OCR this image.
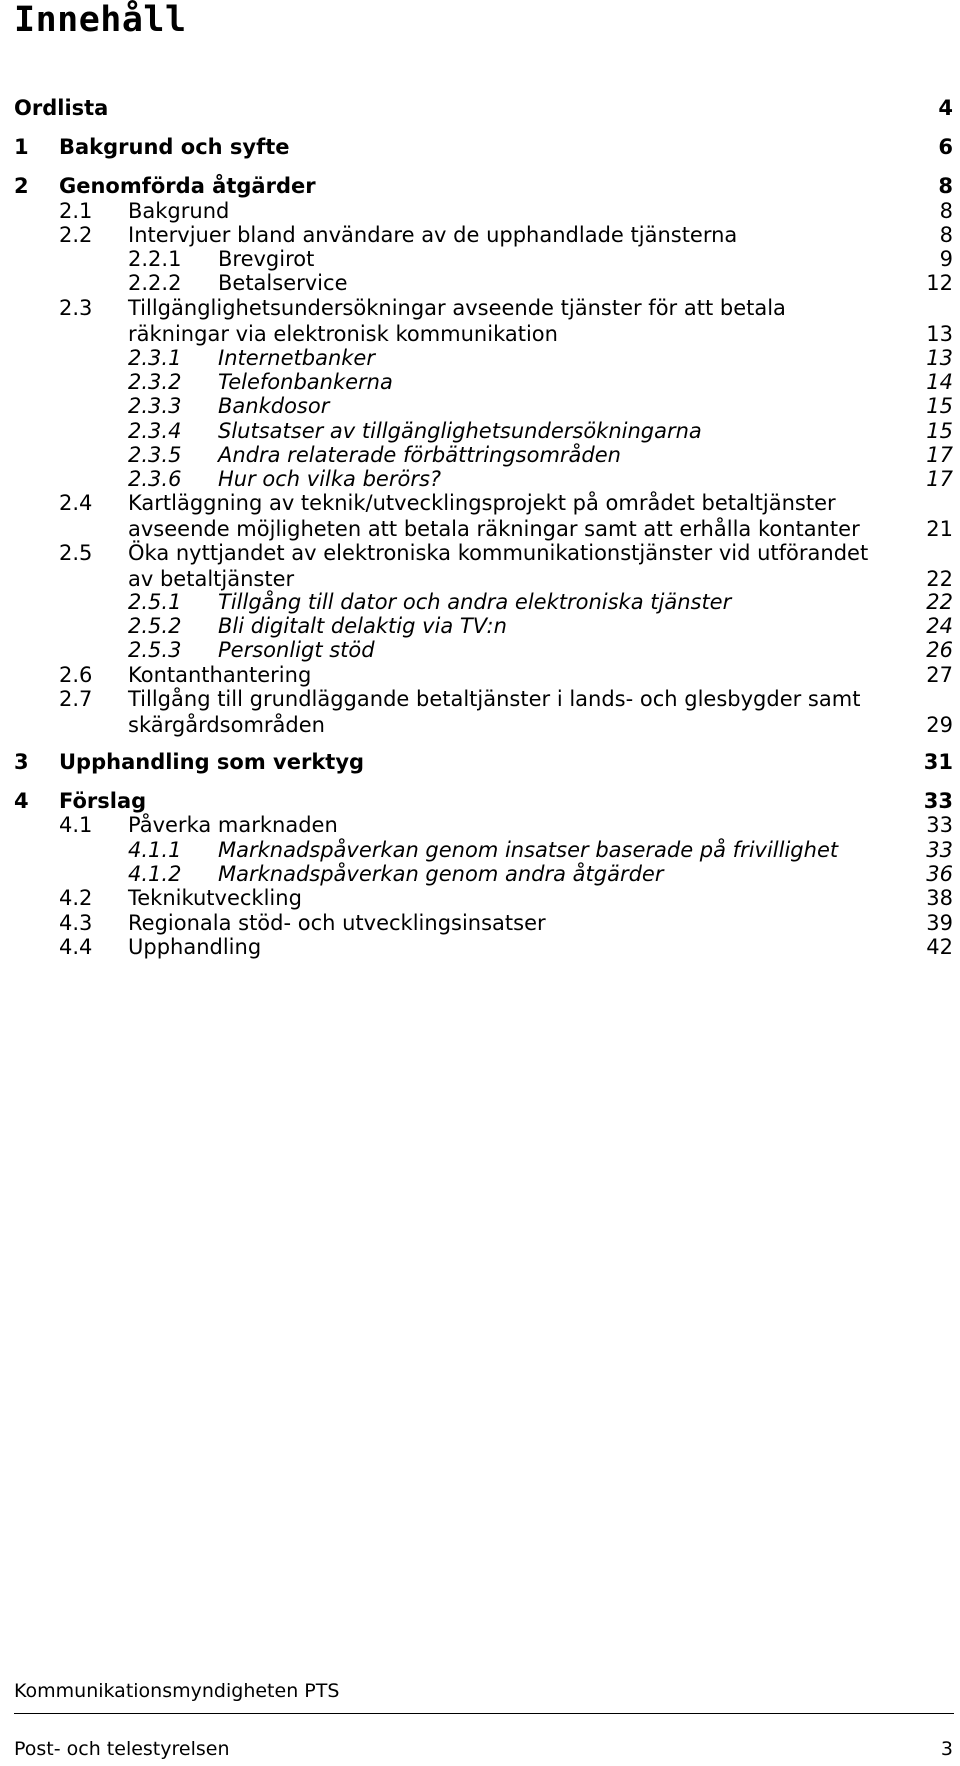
Innehåll
Ordlista	4
1 Bakgrund och syfte	6
2 Genomförda åtgärder	8
2.1 Bakgrund	8
2.2 Intervjuer bland användare av de upphandlade tjänsterna	8
2.2.1 Brevgirot	9
2.2.2 Betalservice	12
2.3 Tillgänglighetsundersökningar avseende tjänster för att betala
räkningar via elektronisk kommunikation	13
2.3.1 Internetbanker	13
2.3.2 Telefonbankerna	14
2.3.3 Bankdosor	15
2.3.4 Slutsatser av tillgänglighetsundersökningarna	15
2.3.5 Andra relaterade förbättringsområden	17
2.3.6 Hur och vilka berörs?	17
2.4 Kartläggning av teknik/utvecklingsprojekt på området betaltjänster
avseende möjligheten att betala räkningar samt att erhålla kontanter	21
2.5 Öka nyttjandet av elektroniska kommunikationstjänster vid utförandet
av betaltjänster	22
2.5.1 Tillgång till dator och andra elektroniska tjänster	22
2.5.2 Bli digitalt delaktig via TV:n	24
2.5.3 Personligt stöd	26
2.6 Kontanthantering	27
2.7 Tillgång till grundläggande betaltjänster i lands- och glesbygder samt
skärgårdsområden	29
3 Upphandling som verktyg	31
4 Förslag	33
4.1 Påverka marknaden	33
4.1.1 Marknadspåverkan genom insatser baserade på frivillighet	33
4.1.2 Marknadspåverkan genom andra åtgärder	36
4.2 Teknikutveckling	38
4.3 Regionala stöd- och utvecklingsinsatser	39
4.4 Upphandling	42
Kommunikationsmyndigheten PTS
Post- och telestyrelsen	3
